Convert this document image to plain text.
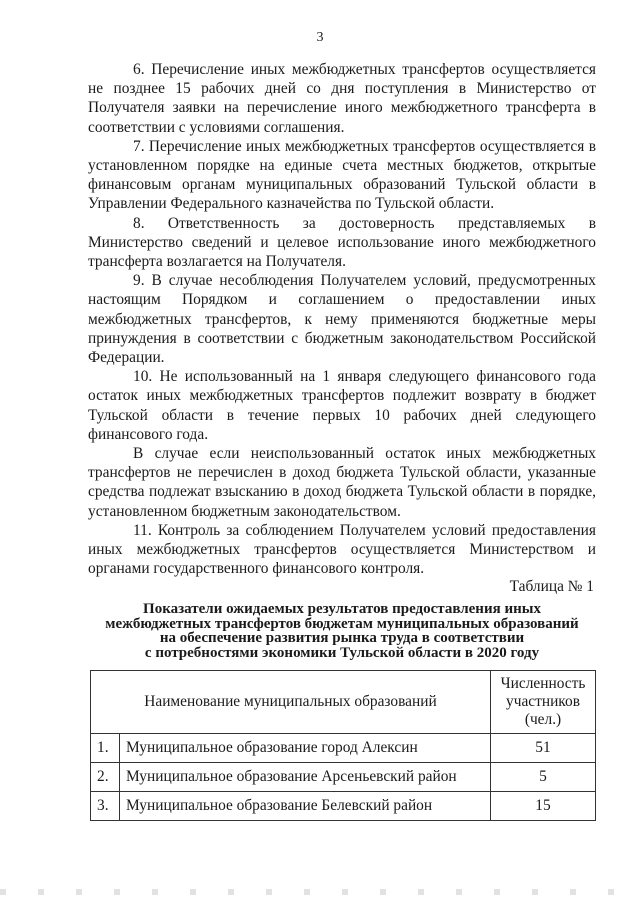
3

6. Перечисление иных межбюджетных трансфертов осуществляется не позднее 15 рабочих дней со дня поступления в Министерство от Получателя заявки на перечисление иного межбюджетного трансферта в соответствии с условиями соглашения.

7. Перечисление иных межбюджетных трансфертов осуществляется в установленном порядке на единые счета местных бюджетов, открытые финансовым органам муниципальных образований Тульской области в Управлении Федерального казначейства по Тульской области.

8. Ответственность за достоверность представляемых в Министерство сведений и целевое использование иного межбюджетного трансферта возлагается на Получателя.

9. В случае несоблюдения Получателем условий, предусмотренных настоящим Порядком и соглашением о предоставлении иных межбюджетных трансфертов, к нему применяются бюджетные меры принуждения в соответствии с бюджетным законодательством Российской Федерации.

10. Не использованный на 1 января следующего финансового года остаток иных межбюджетных трансфертов подлежит возврату в бюджет Тульской области в течение первых 10 рабочих дней следующего финансового года.

В случае если неиспользованный остаток иных межбюджетных трансфертов не перечислен в доход бюджета Тульской области, указанные средства подлежат взысканию в доход бюджета Тульской области в порядке, установленном бюджетным законодательством.

11. Контроль за соблюдением Получателем условий предоставления иных межбюджетных трансфертов осуществляется Министерством и органами государственного финансового контроля.

Таблица № 1
Показатели ожидаемых результатов предоставления иных
межбюджетных трансфертов бюджетам муниципальных образований
на обеспечение развития рынка труда в соответствии
с потребностями экономики Тульской области в 2020 году
Наименование муниципальных образований		Численность
участников
(чел.)

1.	Муниципальное образование город Алексин	51
2.	Муниципальное образование Арсеньевский район	5
3.	Муниципальное образование Белевский район	15
